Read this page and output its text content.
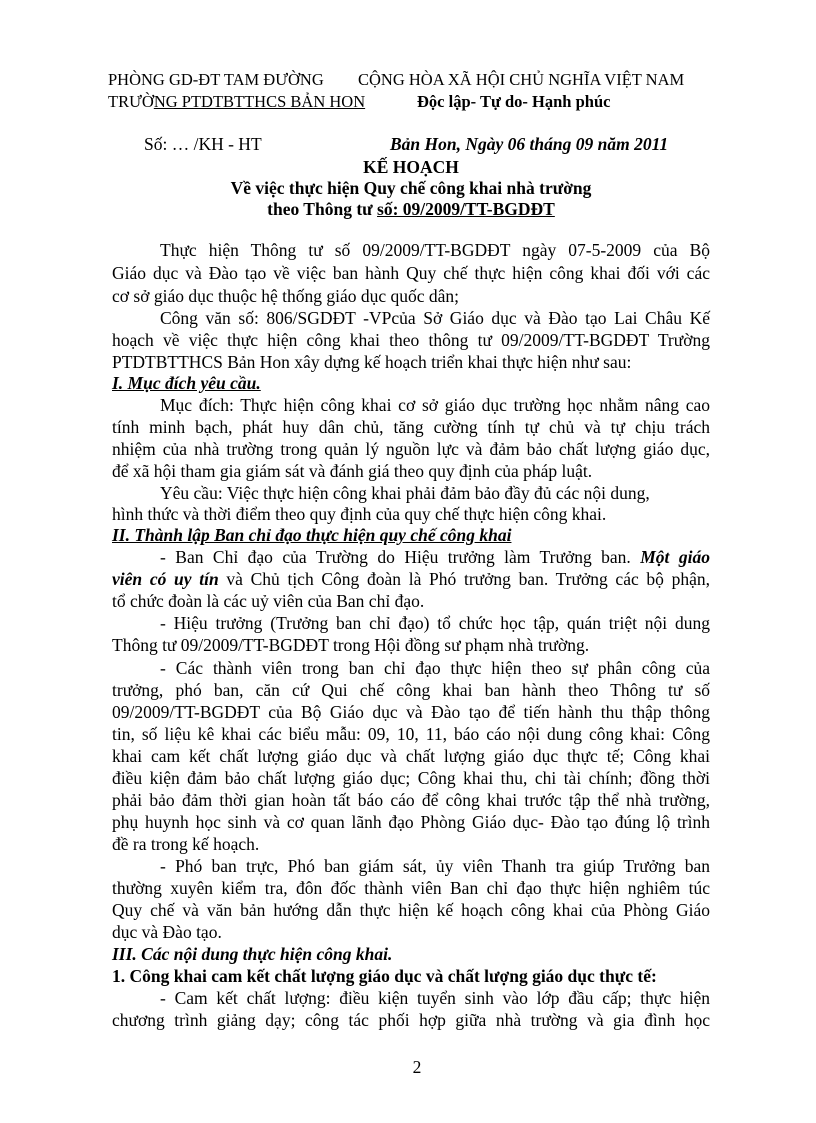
PHÒNG GD-ĐT TAM ĐƯỜNG
TRƯỜNG PTDTBTTHCS BẢN HON
CỘNG HÒA XÃ HỘI CHỦ NGHĨA VIỆT NAM
Độc lập- Tự do- Hạnh phúc
Số: … /KH - HT	Bản Hon, Ngày 06 tháng 09 năm 2011
KẾ HOẠCH
Về việc thực hiện Quy chế công khai nhà trường
theo Thông tư số: 09/2009/TT-BGDĐT
Thực hiện Thông tư số 09/2009/TT-BGDĐT ngày 07-5-2009 của Bộ
Giáo dục và Đào tạo về việc ban hành Quy chế thực hiện công khai đối với các
cơ sở giáo dục thuộc hệ thống giáo dục quốc dân;
Công văn số: 806/SGDĐT -VPcủa Sở Giáo dục và Đào tạo Lai Châu Kế
hoạch về việc thực hiện công khai theo thông tư 09/2009/TT-BGDĐT Trường
PTDTBTTHCS Bản Hon xây dựng kế hoạch triển khai thực hiện như sau:
I. Mục đích yêu cầu.
Mục đích: Thực hiện công khai cơ sở giáo dục trường học nhằm nâng cao
tính minh bạch, phát huy dân chủ, tăng cường tính tự chủ và tự chịu trách
nhiệm của nhà trường trong quản lý nguồn lực và đảm bảo chất lượng giáo dục,
để xã hội tham gia giám sát và đánh giá theo quy định của pháp luật.
Yêu cầu: Việc thực hiện công khai phải đảm bảo đầy đủ các nội dung,
hình thức và thời điểm theo quy định của quy chế thực hiện công khai.
II. Thành lập Ban chỉ đạo thực hiện quy chế công khai
- Ban Chỉ đạo của Trường do Hiệu trưởng làm Trưởng ban. Một giáo
viên có uy tín và Chủ tịch Công đoàn là Phó trưởng ban. Trưởng các bộ phận,
tổ chức đoàn là các uỷ viên của Ban chỉ đạo.
- Hiệu trưởng (Trưởng ban chỉ đạo) tổ chức học tập, quán triệt nội dung
Thông tư 09/2009/TT-BGDĐT trong Hội đồng sư phạm nhà trường.
- Các thành viên trong ban chỉ đạo thực hiện theo sự phân công của
trưởng, phó ban, căn cứ Qui chế công khai ban hành theo Thông tư số
09/2009/TT-BGDĐT của Bộ Giáo dục và Đào tạo để tiến hành thu thập thông
tin, số liệu kê khai các biểu mẫu: 09, 10, 11, báo cáo nội dung công khai: Công
khai cam kết chất lượng giáo dục và chất lượng giáo dục thực tế; Công khai
điều kiện đảm bảo chất lượng giáo dục; Công khai thu, chi tài chính; đồng thời
phải bảo đảm thời gian hoàn tất báo cáo để công khai trước tập thể nhà trường,
phụ huynh học sinh và cơ quan lãnh đạo Phòng Giáo dục- Đào tạo đúng lộ trình
đề ra trong kế hoạch.
- Phó ban trực, Phó ban giám sát, ủy viên Thanh tra giúp Trưởng ban
thường xuyên kiểm tra, đôn đốc thành viên Ban chỉ đạo thực hiện nghiêm túc
Quy chế và văn bản hướng dẫn thực hiện kế hoạch công khai của Phòng Giáo
dục và Đào tạo.
III. Các nội dung thực hiện công khai.
1. Công khai cam kết chất lượng giáo dục và chất lượng giáo dục thực tế:
- Cam kết chất lượng: điều kiện tuyển sinh vào lớp đầu cấp; thực hiện
chương trình giảng dạy; công tác phối hợp giữa nhà trường và gia đình học
2
